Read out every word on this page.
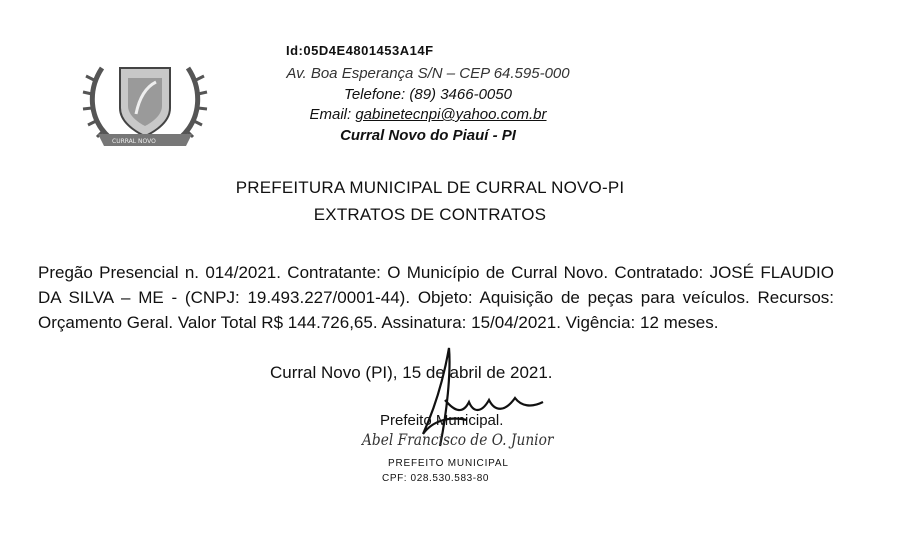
Id:05D4E4801453A14F
CURRAL NOVO
Av. Boa Esperança S/N – CEP 64.595-000
Telefone: (89) 3466-0050
Email: gabinetecnpi@yahoo.com.br
Curral Novo do Piauí - PI
PREFEITURA MUNICIPAL DE CURRAL NOVO-PI
EXTRATOS DE CONTRATOS
Pregão Presencial n. 014/2021. Contratante: O Município de Curral Novo. Contratado: JOSÉ FLAUDIO DA SILVA – ME - (CNPJ: 19.493.227/0001-44). Objeto: Aquisição de peças para veículos. Recursos: Orçamento Geral. Valor Total R$ 144.726,65. Assinatura: 15/04/2021. Vigência: 12 meses.
Curral Novo (PI), 15 de abril de 2021.
Prefeito Municipal.
Abel Francisco de O. Junior
PREFEITO MUNICIPAL
CPF: 028.530.583-80
